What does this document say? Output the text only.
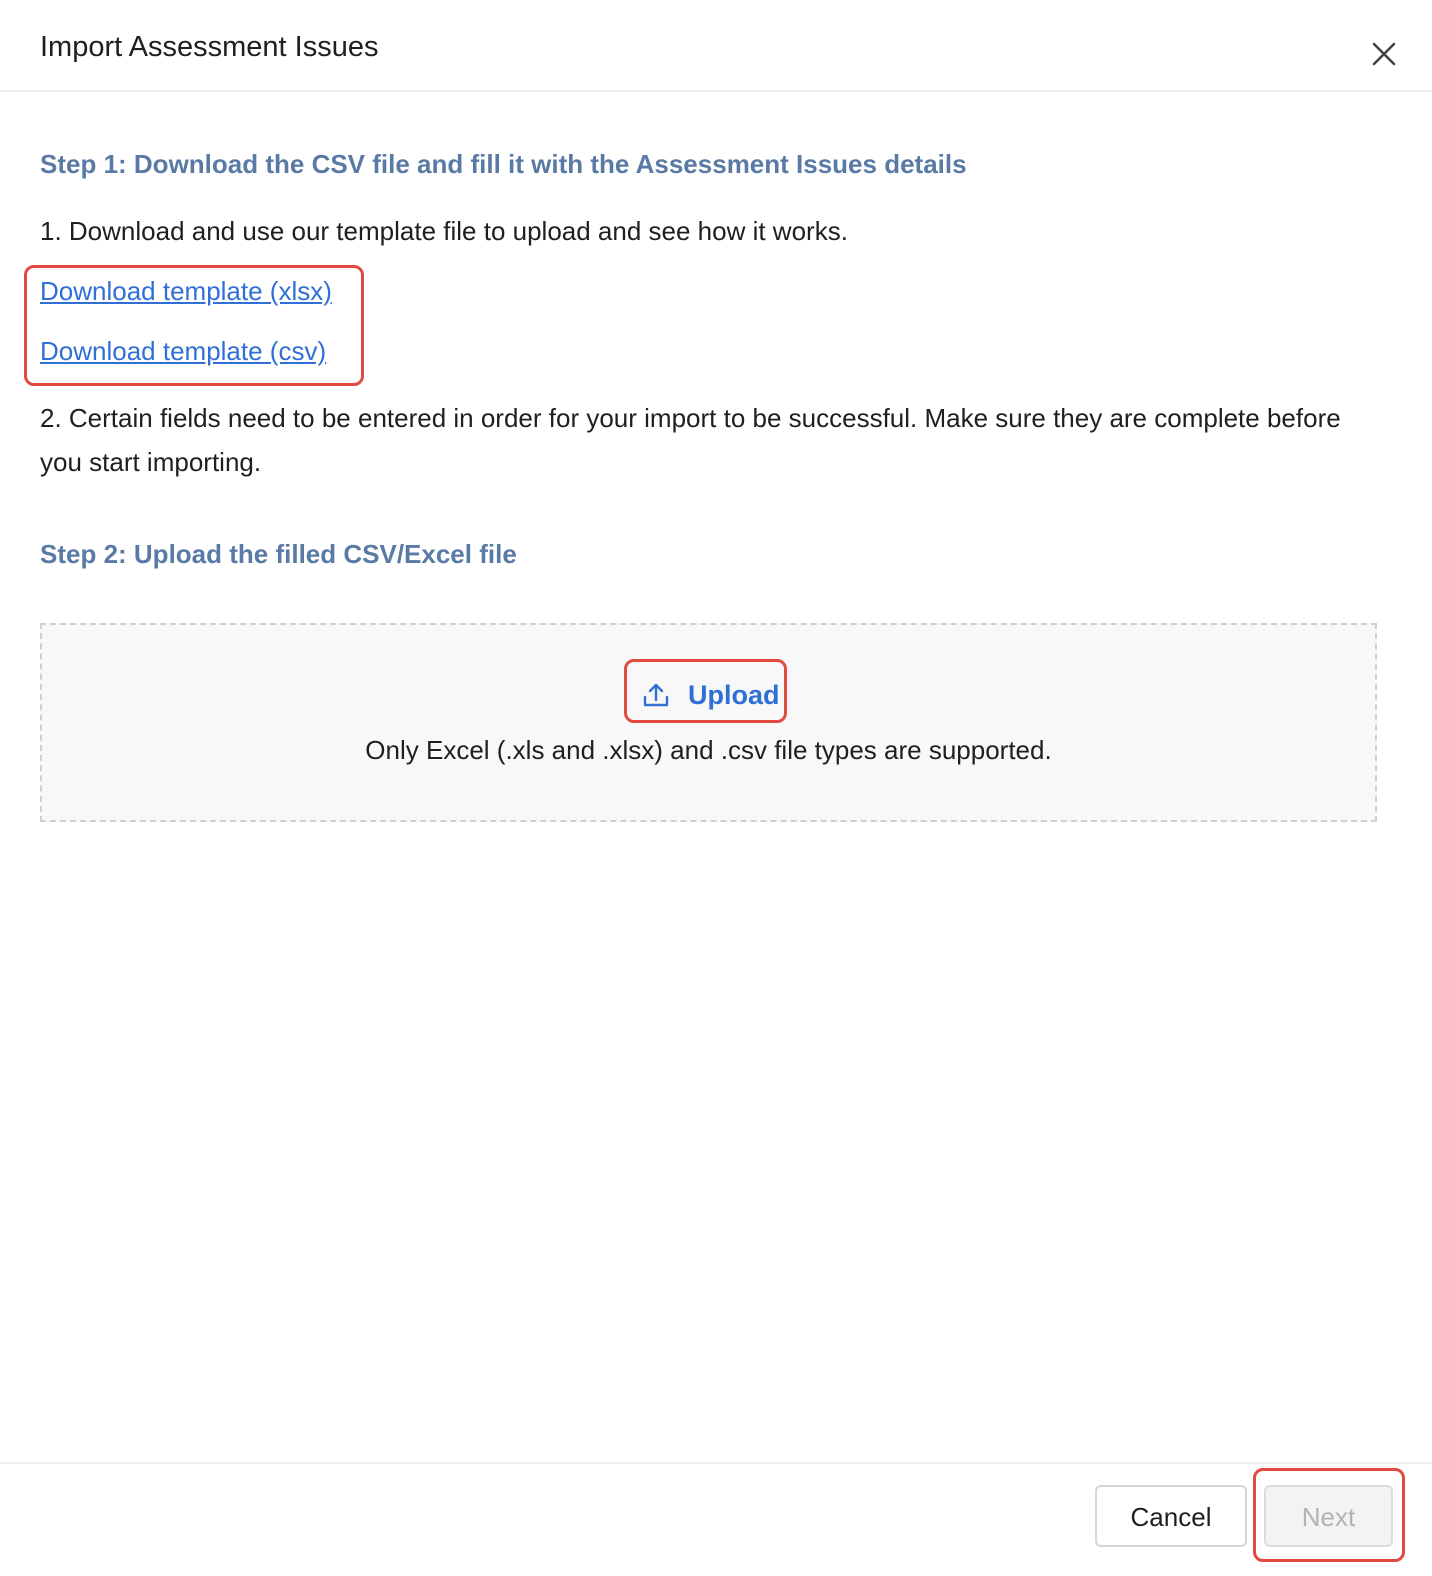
Import Assessment Issues
Step 1: Download the CSV file and fill it with the Assessment Issues details
1. Download and use our template file to upload and see how it works.
Download template (xlsx)
Download template (csv)
2. Certain fields need to be entered in order for your import to be successful. Make sure they are complete before you start importing.
Step 2: Upload the filled CSV/Excel file
Upload
Only Excel (.xls and .xlsx) and .csv file types are supported.
Cancel	Next
